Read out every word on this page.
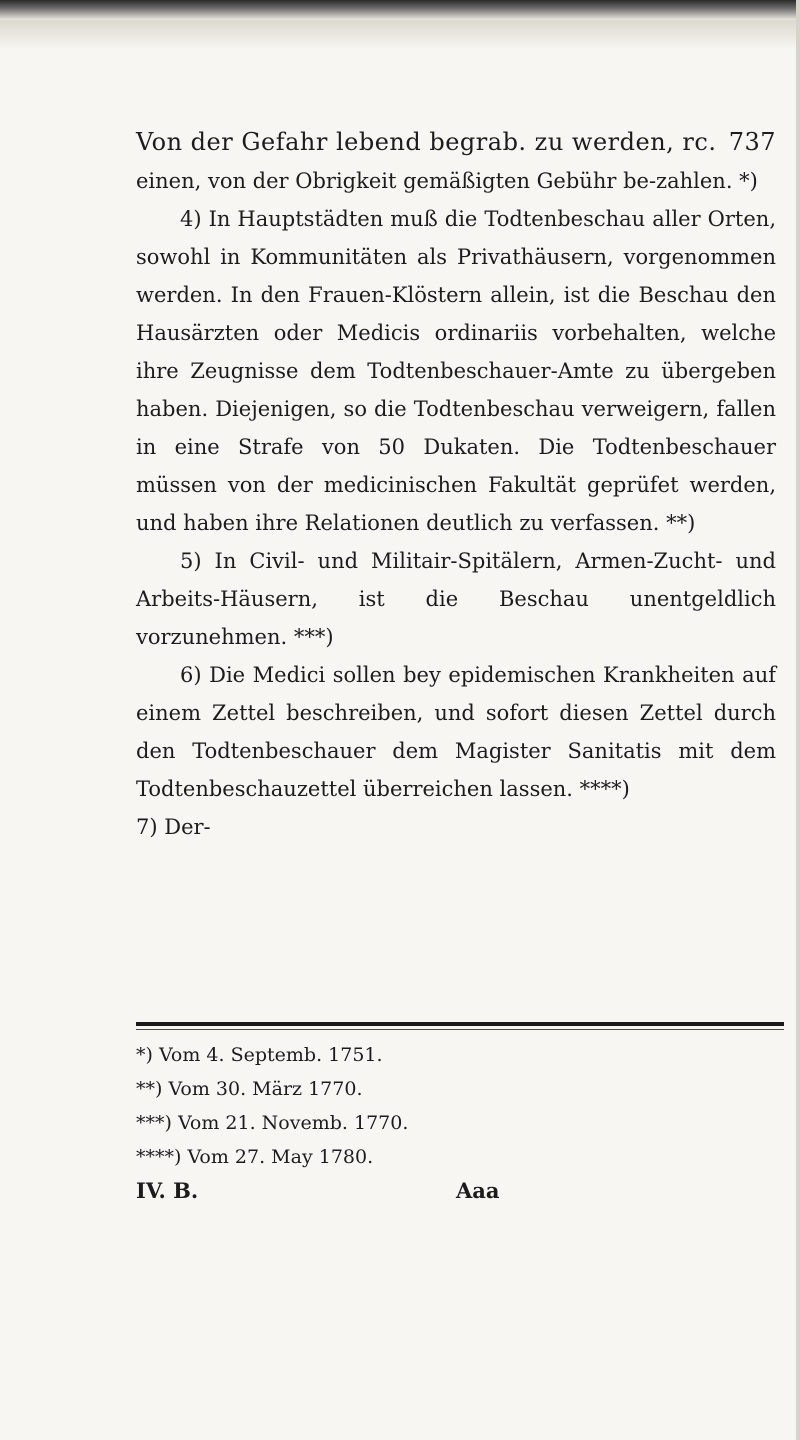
Von der Gefahr lebend begrab. zu werden, rc. 737

einen, von der Obrigkeit gemäßigten Gebühr be-zahlen. *)

4) In Hauptstädten muß die Todtenbeschau aller Orten, sowohl in Kommunitäten als Privathäusern, vorgenommen werden. In den Frauen-Klöstern allein, ist die Beschau den Hausärzten oder Medicis ordinariis vorbehalten, welche ihre Zeugnisse dem Todtenbeschauer-Amte zu übergeben haben. Diejenigen, so die Todtenbeschau verweigern, fallen in eine Strafe von 50 Dukaten. Die Todtenbeschauer müssen von der medicinischen Fakultät geprüfet werden, und haben ihre Relationen deutlich zu verfassen. **)

5) In Civil- und Militair-Spitälern, Armen-Zucht- und Arbeits-Häusern, ist die Beschau unentgeldlich vorzunehmen. ***)

6) Die Medici sollen bey epidemischen Krankheiten auf einem Zettel beschreiben, und sofort diesen Zettel durch den Todtenbeschauer dem Magister Sanitatis mit dem Todtenbeschauzettel überreichen lassen. ****)

7) Der-

*) Vom 4. Septemb. 1751.
**) Vom 30. März 1770.
***) Vom 21. Novemb. 1770.
****) Vom 27. May 1780.
IV. B.	Aaa
